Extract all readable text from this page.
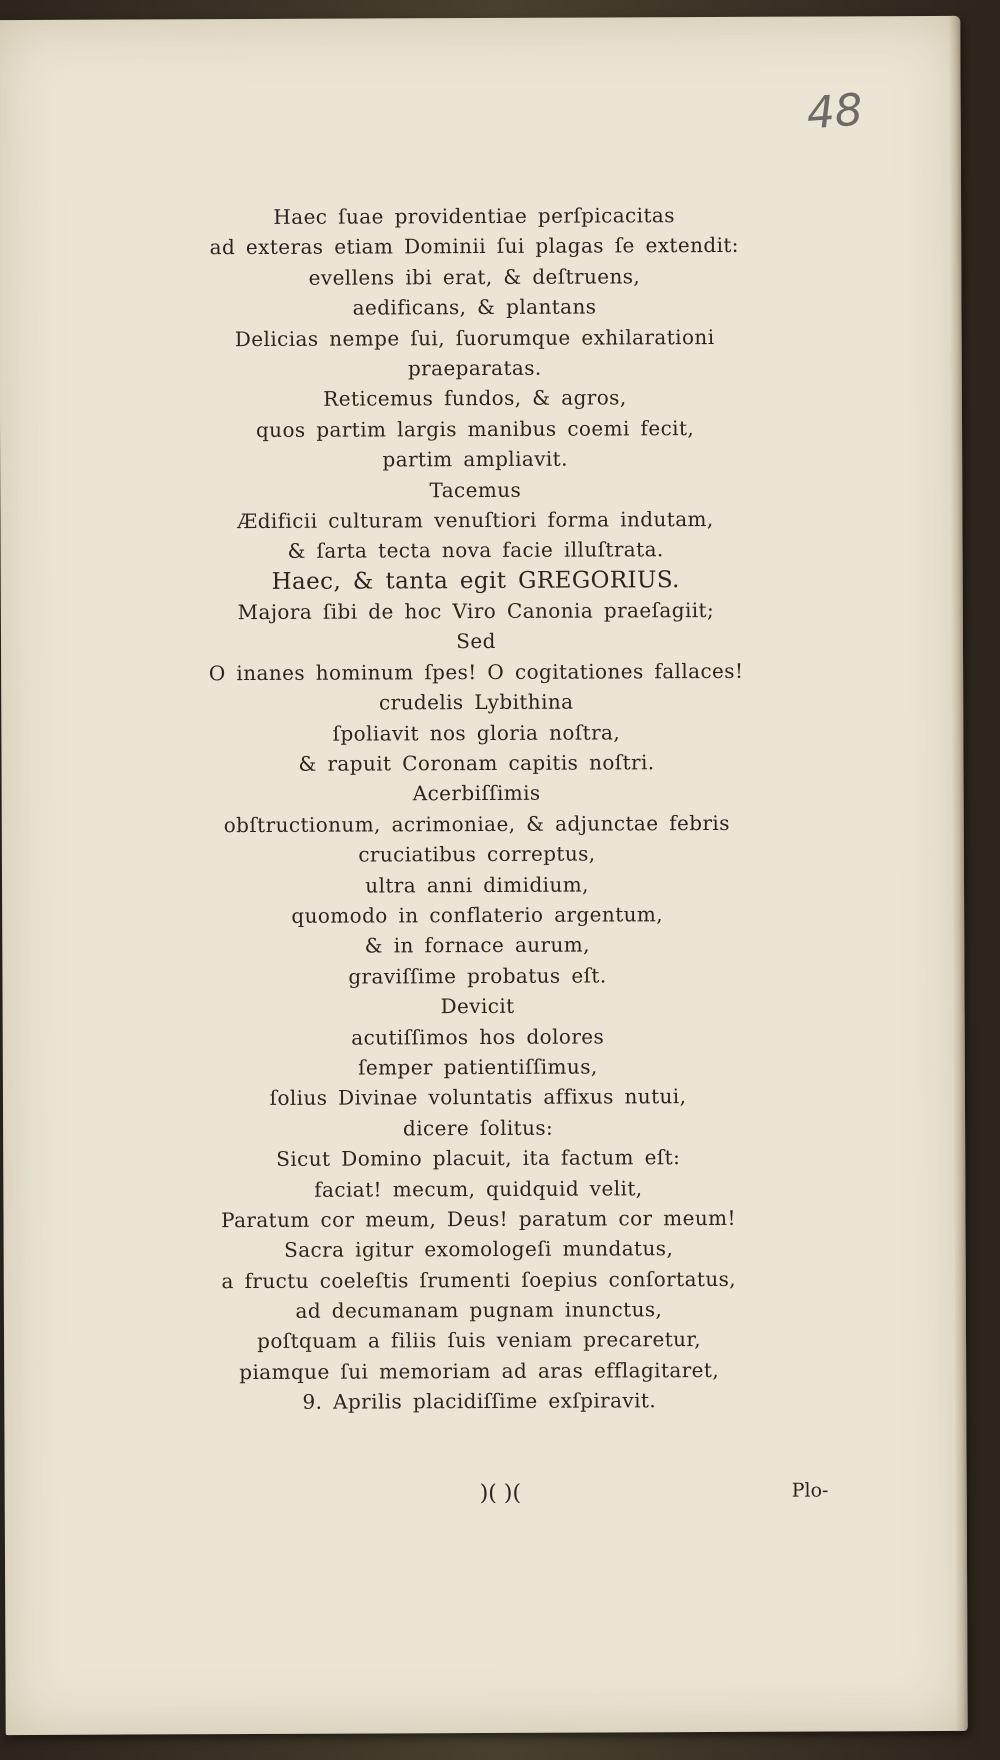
48
Haec ſuae providentiae perſpicacitas
ad exteras etiam Dominii ſui plagas ſe extendit:
evellens ibi erat, & deſtruens,
aedificans, & plantans
Delicias nempe ſui, ſuorumque exhilarationi
praeparatas.
Reticemus fundos, & agros,
quos partim largis manibus coemi fecit,
partim ampliavit.
Tacemus
Ædificii culturam venuſtiori forma indutam,
& ſarta tecta nova facie illuſtrata.
Haec, & tanta egit GREGORIUS.
Majora ſibi de hoc Viro Canonia praeſagiit;
Sed
O inanes hominum ſpes! O cogitationes fallaces!
crudelis Lybithina
ſpoliavit nos gloria noſtra,
& rapuit Coronam capitis noſtri.
Acerbiſſimis
obſtructionum, acrimoniae, & adjunctae febris
cruciatibus correptus,
ultra anni dimidium,
quomodo in conflaterio argentum,
& in fornace aurum,
graviſſime probatus eſt.
Devicit
acutiſſimos hos dolores
ſemper patientiſſimus,
ſolius Divinae voluntatis affixus nutui,
dicere ſolitus:
Sicut Domino placuit, ita factum eſt:
faciat! mecum, quidquid velit,
Paratum cor meum, Deus! paratum cor meum!
Sacra igitur exomologeſi mundatus,
a fructu coeleſtis ſrumenti ſoepius conſortatus,
ad decumanam pugnam inunctus,
poſtquam a filiis ſuis veniam precaretur,
piamque ſui memoriam ad aras efflagitaret,
9. Aprilis placidiſſime exſpiravit.
)( )(	Plo-
